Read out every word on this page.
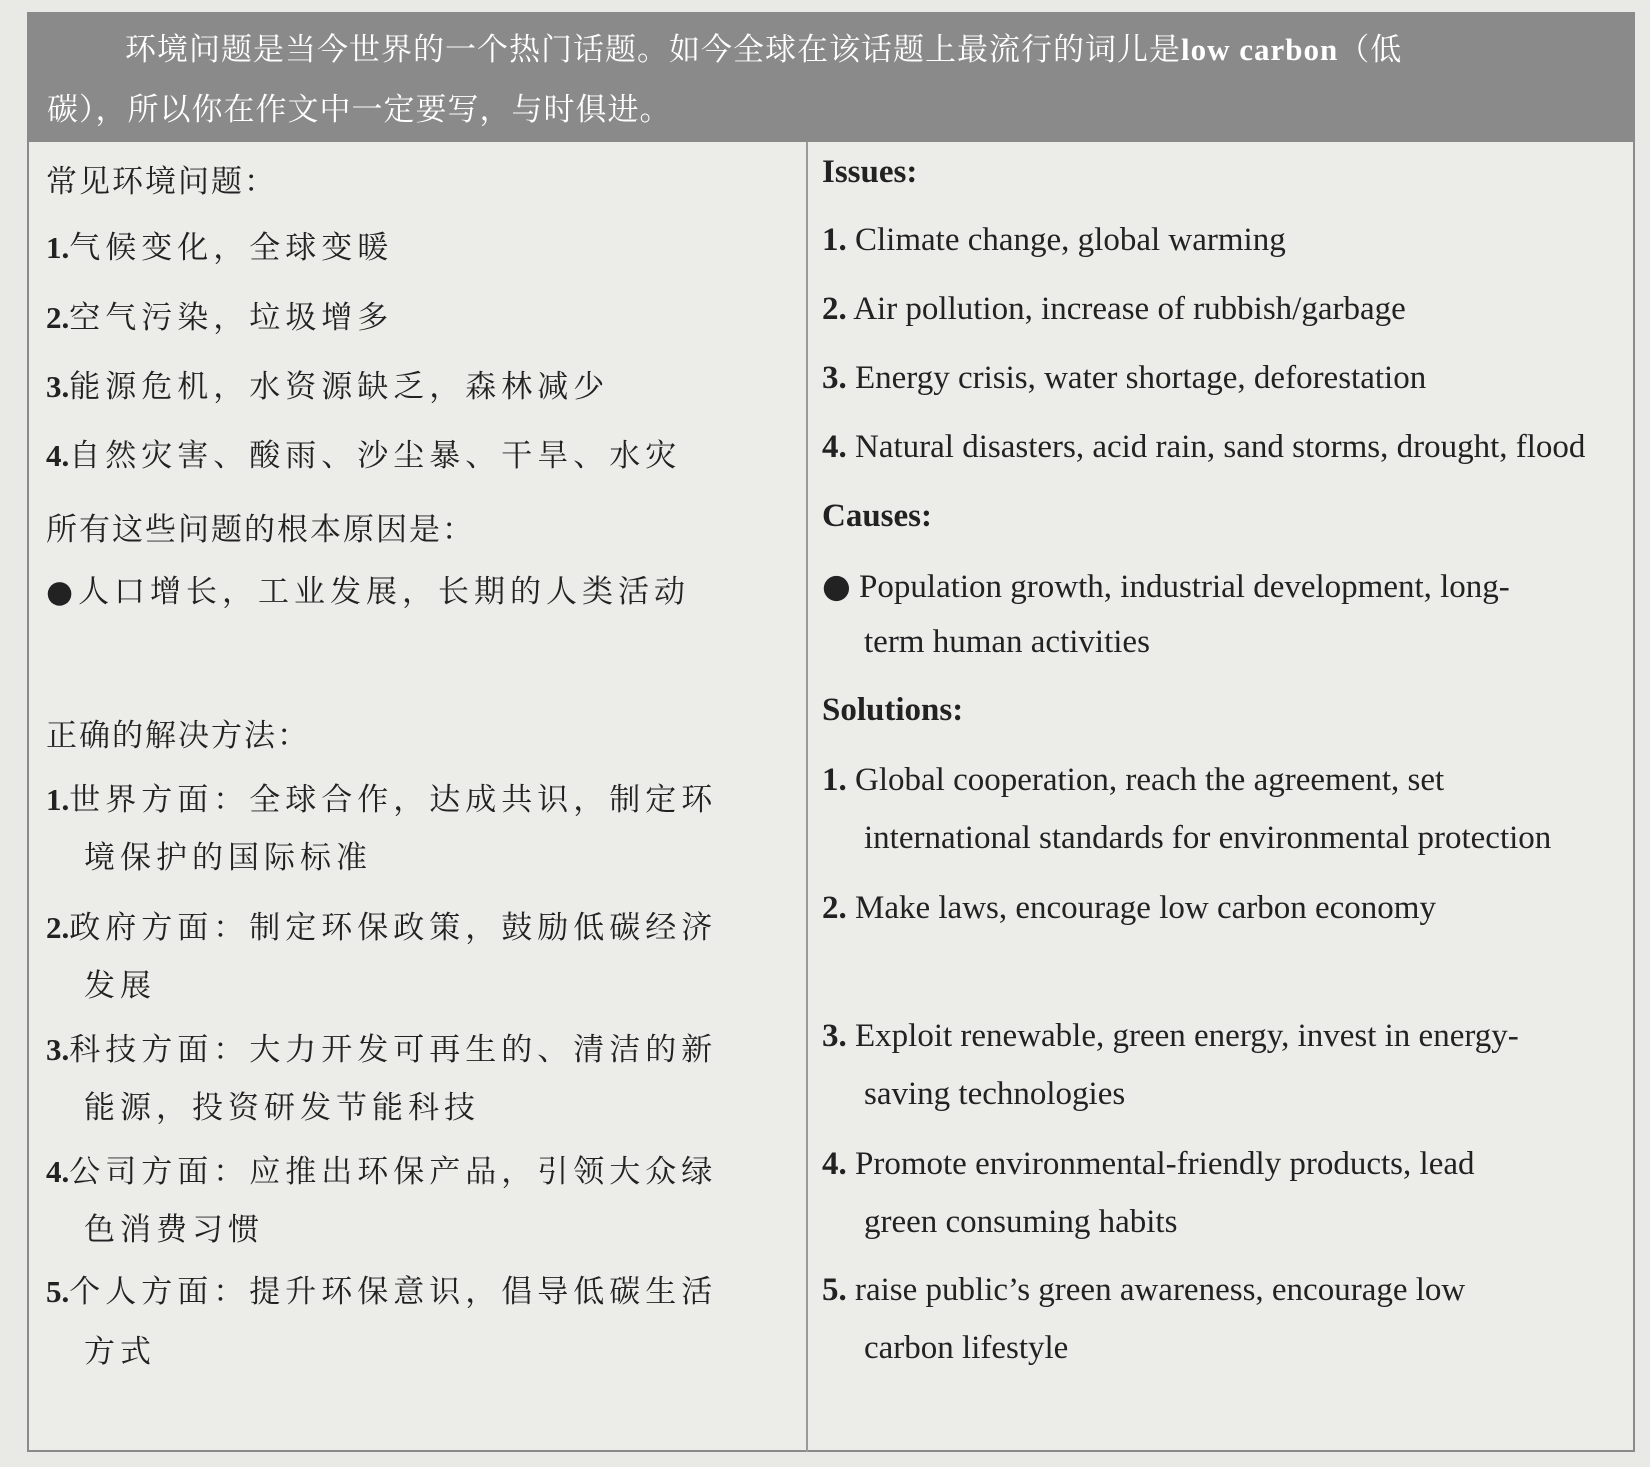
环境问题是当今世界的一个热门话题。如今全球在该话题上最流行的词儿是low carbon（低
碳），所以你在作文中一定要写，与时俱进。
常见环境问题：
1.气候变化，全球变暖
2.空气污染，垃圾增多
3.能源危机，水资源缺乏，森林减少
4.自然灾害、酸雨、沙尘暴、干旱、水灾
所有这些问题的根本原因是：
●人口增长，工业发展，长期的人类活动
正确的解决方法：
1.世界方面：全球合作，达成共识，制定环
境保护的国际标准
2.政府方面：制定环保政策，鼓励低碳经济
发展
3.科技方面：大力开发可再生的、清洁的新
能源，投资研发节能科技
4.公司方面：应推出环保产品，引领大众绿
色消费习惯
5.个人方面：提升环保意识，倡导低碳生活
方式
Issues:
1. Climate change, global warming
2. Air pollution, increase of rubbish/garbage
3. Energy crisis, water shortage, deforestation
4. Natural disasters, acid rain, sand storms, drought, flood
Causes:
● Population growth, industrial development, long-
term human activities
Solutions:
1. Global cooperation, reach the agreement, set
international standards for environmental protection
2. Make laws, encourage low carbon economy
3. Exploit renewable, green energy, invest in energy-
saving technologies
4. Promote environmental-friendly products, lead
green consuming habits
5. raise public’s green awareness, encourage low
carbon lifestyle
